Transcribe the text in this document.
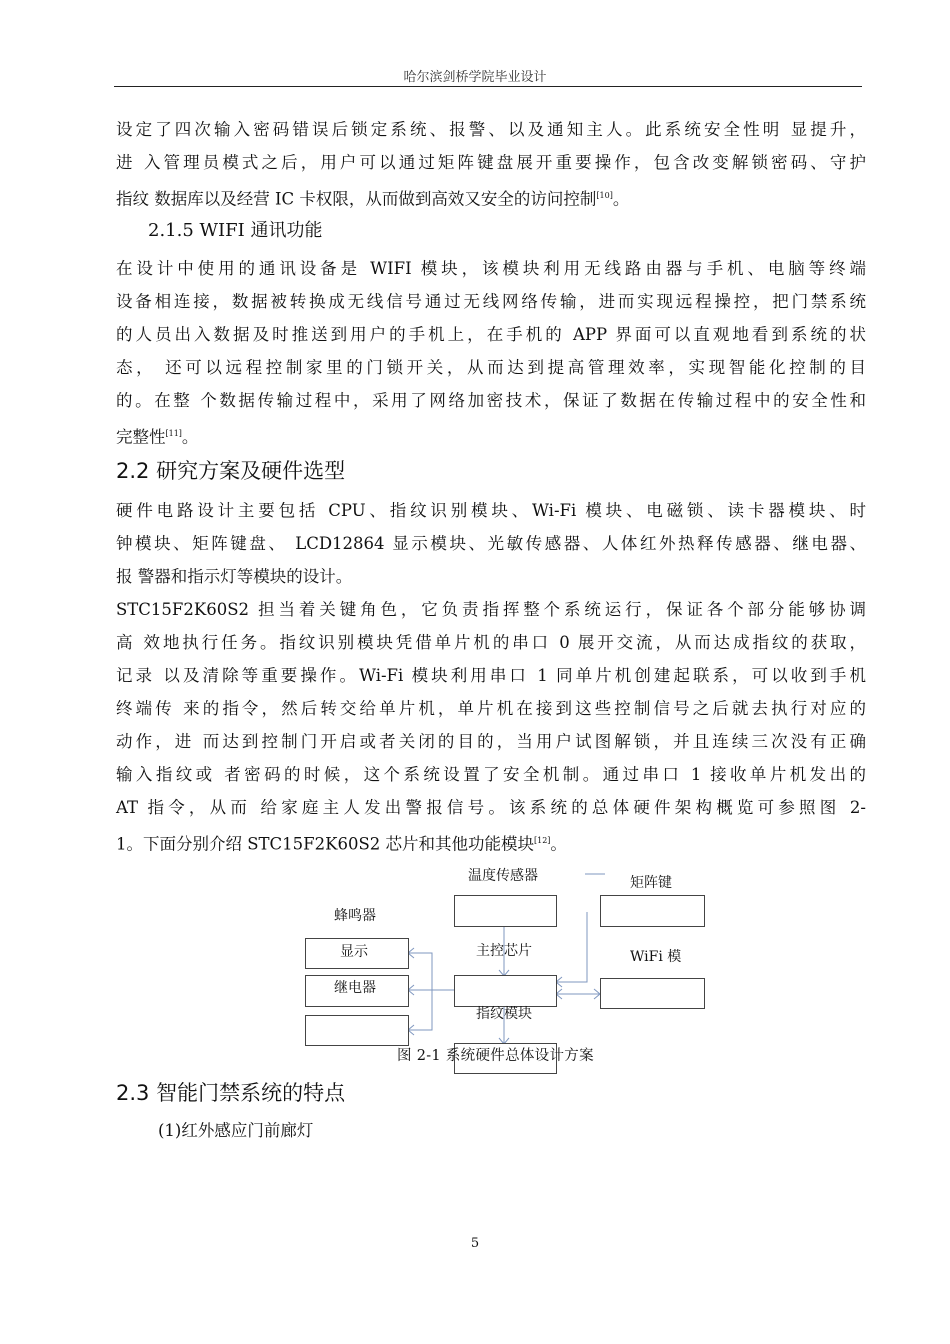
哈尔滨剑桥学院毕业设计
设定了四次输入密码错误后锁定系统、报警、以及通知主人。此系统安全性明 显提升，
进 入管理员模式之后，用户可以通过矩阵键盘展开重要操作，包含改变解锁密码、守护
指纹 数据库以及经营 IC 卡权限，从而做到高效又安全的访问控制[10]。
在设计中使用的通讯设备是 WIFI 模块，该模块利用无线路由器与手机、电脑等终端
设备相连接，数据被转换成无线信号通过无线网络传输，进而实现远程操控，把门禁系统
的人员出入数据及时推送到用户的手机上，在手机的 APP 界面可以直观地看到系统的状
态， 还可以远程控制家里的门锁开关，从而达到提高管理效率，实现智能化控制的目
的。在整 个数据传输过程中，采用了网络加密技术，保证了数据在传输过程中的安全性和
完整性[11]。
硬件电路设计主要包括 CPU、指纹识别模块、Wi-Fi 模块、电磁锁、读卡器模块、时
钟模块、矩阵键盘、 LCD12864 显示模块、光敏传感器、人体红外热释传感器、继电器、
报 警器和指示灯等模块的设计。
STC15F2K60S2 担当着关键角色，它负责指挥整个系统运行，保证各个部分能够协调
高 效地执行任务。指纹识别模块凭借单片机的串口 0 展开交流，从而达成指纹的获取，
记录 以及清除等重要操作。Wi-Fi 模块利用串口 1 同单片机创建起联系，可以收到手机
终端传 来的指令，然后转交给单片机，单片机在接到这些控制信号之后就去执行对应的
动作，进 而达到控制门开启或者关闭的目的，当用户试图解锁，并且连续三次没有正确
输入指纹或 者密码的时候，这个系统设置了安全机制。通过串口 1 接收单片机发出的
AT 指令，从而 给家庭主人发出警报信号。该系统的总体硬件架构概览可参照图 2-
1。下面分别介绍 STC15F2K60S2 芯片和其他功能模块[12]。
2.1.5 WIFI 通讯功能
2.2 研究方案及硬件选型
2.3 智能门禁系统的特点
(1)红外感应门前廊灯
温度传感器	矩阵键
蜂鸣器
显示	主控芯片	WiFi 模
继电器
指纹模块
图 2-1 系统硬件总体设计方案
5
